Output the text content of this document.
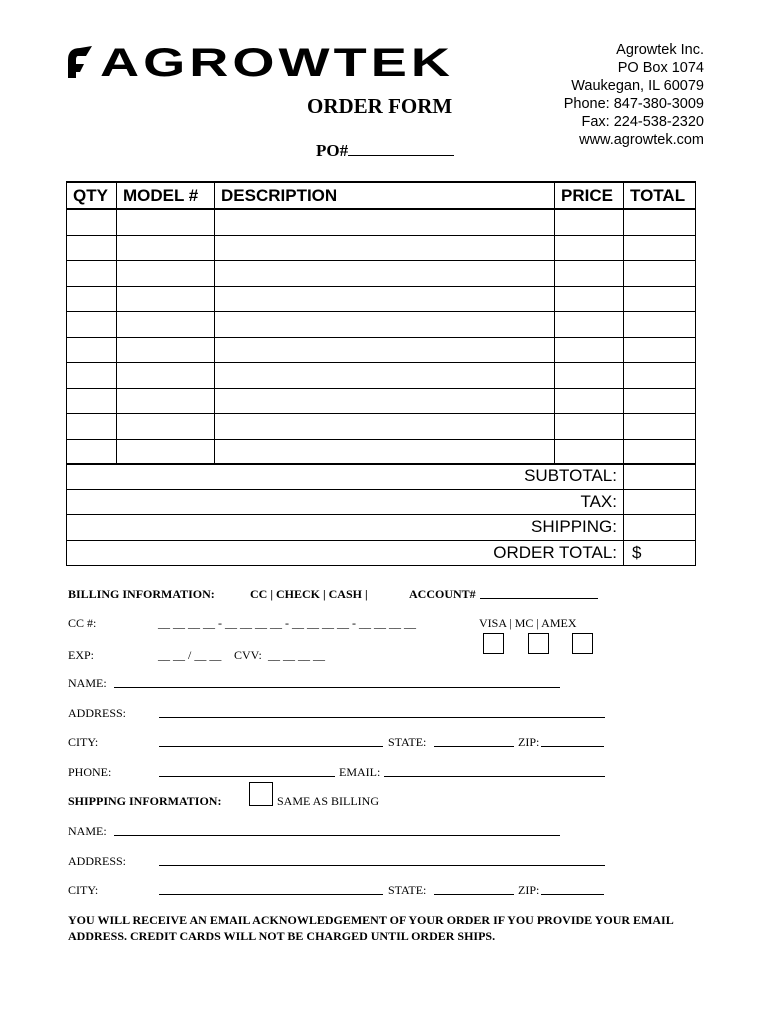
AGROWTEK	Agrowtek Inc.
PO Box 1074
Waukegan, IL 60079
Phone: 847-380-3009
Fax: 224-538-2320
www.agrowtek.com
ORDER FORM
PO#
QTY	MODEL #	DESCRIPTION	PRICE	TOTAL

SUBTOTAL:	
TAX:	
SHIPPING:	
ORDER TOTAL:	$
BILLING INFORMATION:	CC | CHECK | CASH |	ACCOUNT#
CC #:	__ __ __ __ - __ __ __ __ - __ __ __ __ - __ __ __ __	VISA | MC | AMEX
EXP:	__ __ / __ __ CVV: __ __ __ __
NAME:
ADDRESS:
CITY:	STATE:	ZIP:
PHONE:	EMAIL:
SHIPPING INFORMATION:	SAME AS BILLING
NAME:
ADDRESS:
CITY:	STATE:	ZIP:
YOU WILL RECEIVE AN EMAIL ACKNOWLEDGEMENT OF YOUR ORDER IF YOU PROVIDE YOUR EMAIL ADDRESS. CREDIT CARDS WILL NOT BE CHARGED UNTIL ORDER SHIPS.
